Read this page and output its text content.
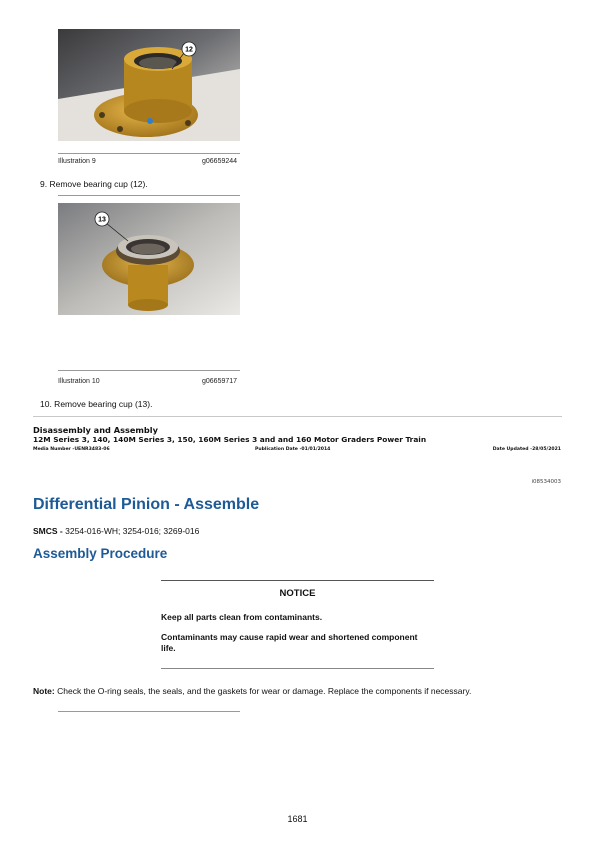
12
Illustration 9	g06659244
9. Remove bearing cup (12).
13
Illustration 10	g06659717
10. Remove bearing cup (13).
Disassembly and Assembly
12M Series 3, 140, 140M Series 3, 150, 160M Series 3 and and 160 Motor Graders Power Train
Media Number -UENR3483-06	Publication Date -01/01/2014	Date Updated -28/05/2021
i08534003
Differential Pinion - Assemble
SMCS - 3254-016-WH; 3254-016; 3269-016
Assembly Procedure
NOTICE
Keep all parts clean from contaminants.
Contaminants may cause rapid wear and shortened component life.
Note: Check the O-ring seals, the seals, and the gaskets for wear or damage. Replace the components if necessary.
1681
